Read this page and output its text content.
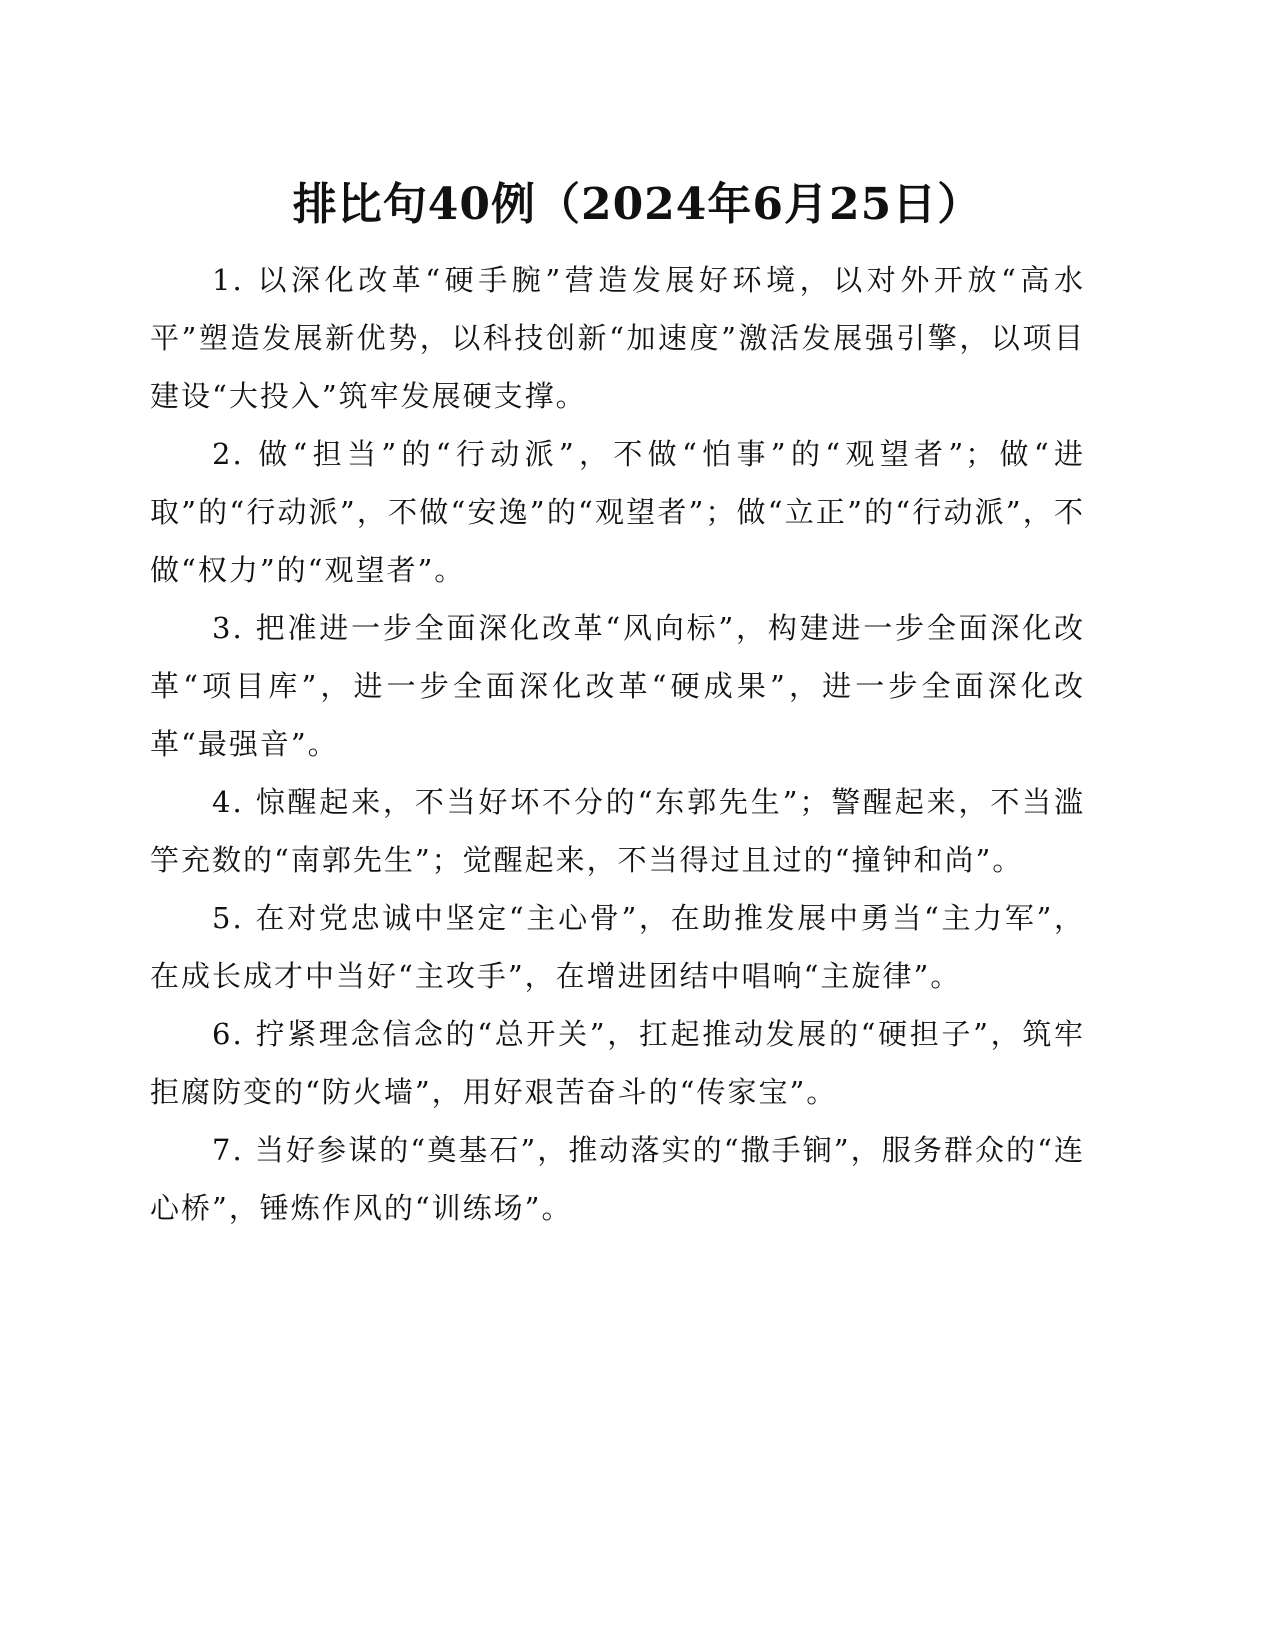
排比句40例（2024年6月25日）

1. 以深化改革“硬手腕”营造发展好环境，以对外开放“高水平”塑造发展新优势，以科技创新“加速度”激活发展强引擎，以项目建设“大投入”筑牢发展硬支撑。

2. 做“担当”的“行动派”，不做“怕事”的“观望者”；做“进取”的“行动派”，不做“安逸”的“观望者”；做“立正”的“行动派”，不做“权力”的“观望者”。

3. 把准进一步全面深化改革“风向标”，构建进一步全面深化改革“项目库”，进一步全面深化改革“硬成果”，进一步全面深化改革“最强音”。

4. 惊醒起来，不当好坏不分的“东郭先生”；警醒起来，不当滥竽充数的“南郭先生”；觉醒起来，不当得过且过的“撞钟和尚”。

5. 在对党忠诚中坚定“主心骨”，在助推发展中勇当“主力军”，在成长成才中当好“主攻手”，在增进团结中唱响“主旋律”。

6. 拧紧理念信念的“总开关”，扛起推动发展的“硬担子”，筑牢拒腐防变的“防火墙”，用好艰苦奋斗的“传家宝”。

7. 当好参谋的“奠基石”，推动落实的“撒手锏”，服务群众的“连心桥”，锤炼作风的“训练场”。
